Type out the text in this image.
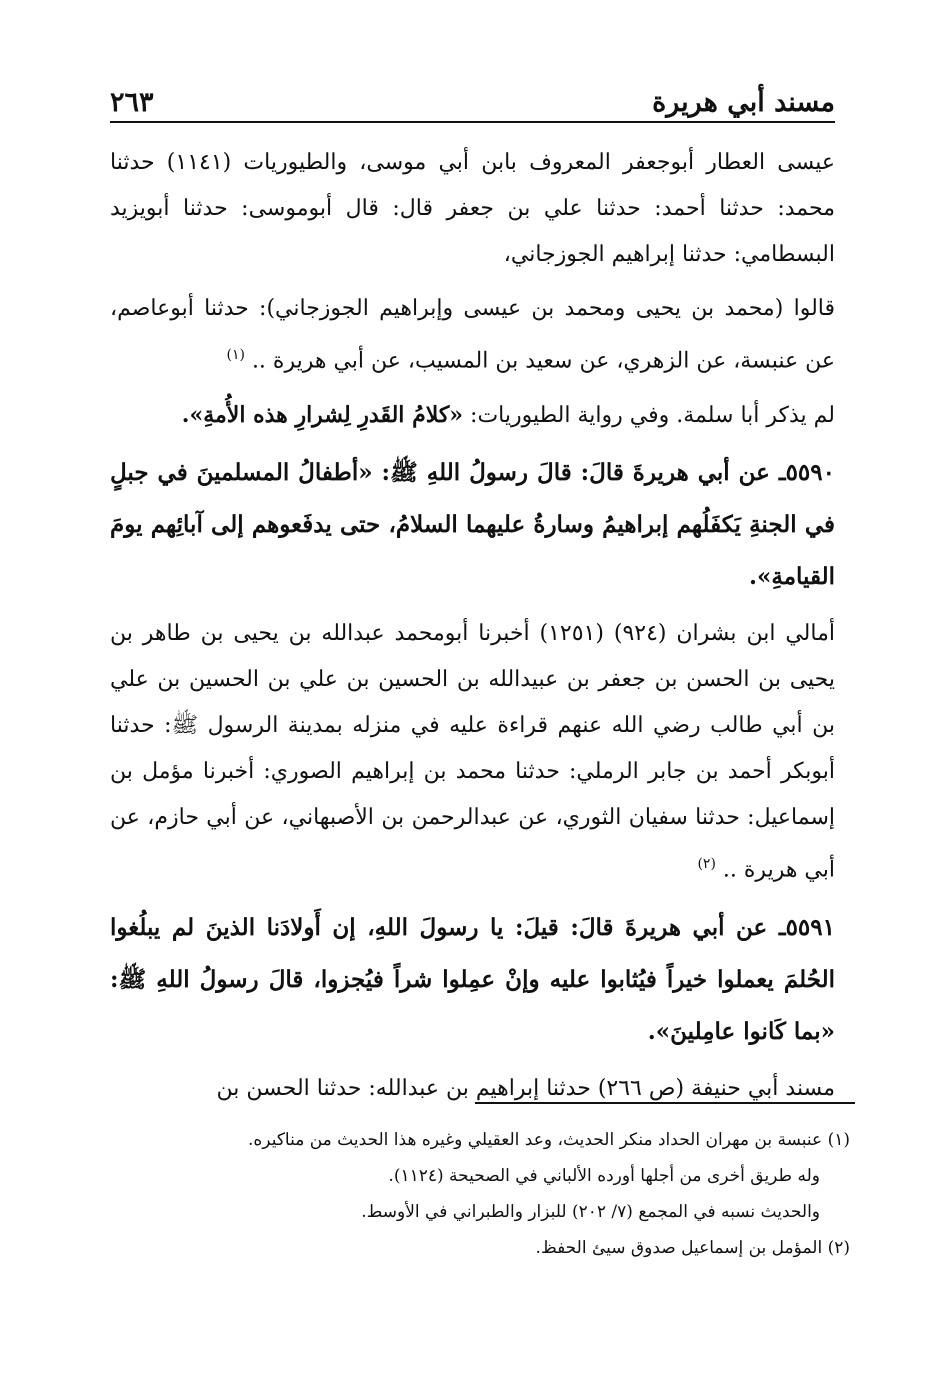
مسند أبي هريرة
٢٦٣

عيسى العطار أبوجعفر المعروف بابن أبي موسى، والطيوريات (١١٤١) حدثنا محمد: حدثنا أحمد: حدثنا علي بن جعفر قال: قال أبوموسى: حدثنا أبويزيد البسطامي: حدثنا إبراهيم الجوزجاني،

قالوا (محمد بن يحيى ومحمد بن عيسى وإبراهيم الجوزجاني): حدثنا أبوعاصم، عن عنبسة، عن الزهري، عن سعيد بن المسيب، عن أبي هريرة .. $^{(١)}$

لم يذكر أبا سلمة. وفي رواية الطيوريات: «كلامُ القَدرِ لِشرارِ هذه الأُمةِ».

٥٥٩٠ـ عن أبي هريرةَ قالَ: قالَ رسولُ اللهِ ﷺ: «أطفالُ المسلمينَ في جبلٍ في الجنةِ يَكفَلُهم إبراهيمُ وسارةُ عليهما السلامُ، حتى يدفَعوهم إلى آبائِهم يومَ القيامةِ».

أمالي ابن بشران (٩٢٤) (١٢٥١) أخبرنا أبومحمد عبدالله بن يحيى بن طاهر بن يحيى بن الحسن بن جعفر بن عبيدالله بن الحسين بن علي بن الحسين بن علي بن أبي طالب رضي الله عنهم قراءة عليه في منزله بمدينة الرسول ﷺ: حدثنا أبوبكر أحمد بن جابر الرملي: حدثنا محمد بن إبراهيم الصوري: أخبرنا مؤمل بن إسماعيل: حدثنا سفيان الثوري، عن عبدالرحمن بن الأصبهاني، عن أبي حازم، عن أبي هريرة .. $^{(٢)}$

٥٥٩١ـ عن أبي هريرةَ قالَ: قيلَ: يا رسولَ اللهِ، إن أَولادَنا الذينَ لم يبلُغوا الحُلمَ يعملوا خيراً فيُثابوا عليه وإنْ عمِلوا شراً فيُجزوا، قالَ رسولُ اللهِ ﷺ: «بما كَانوا عامِلينَ».

مسند أبي حنيفة (ص ٢٦٦) حدثنا إبراهيم بن عبدالله: حدثنا الحسن بن

(١) عنبسة بن مهران الحداد منكر الحديث، وعد العقيلي وغيره هذا الحديث من مناكيره.

وله طريق أخرى من أجلها أورده الألباني في الصحيحة (١١٢٤).

والحديث نسبه في المجمع (٧/ ٢٠٢) للبزار والطبراني في الأوسط.

(٢) المؤمل بن إسماعيل صدوق سيئ الحفظ.
